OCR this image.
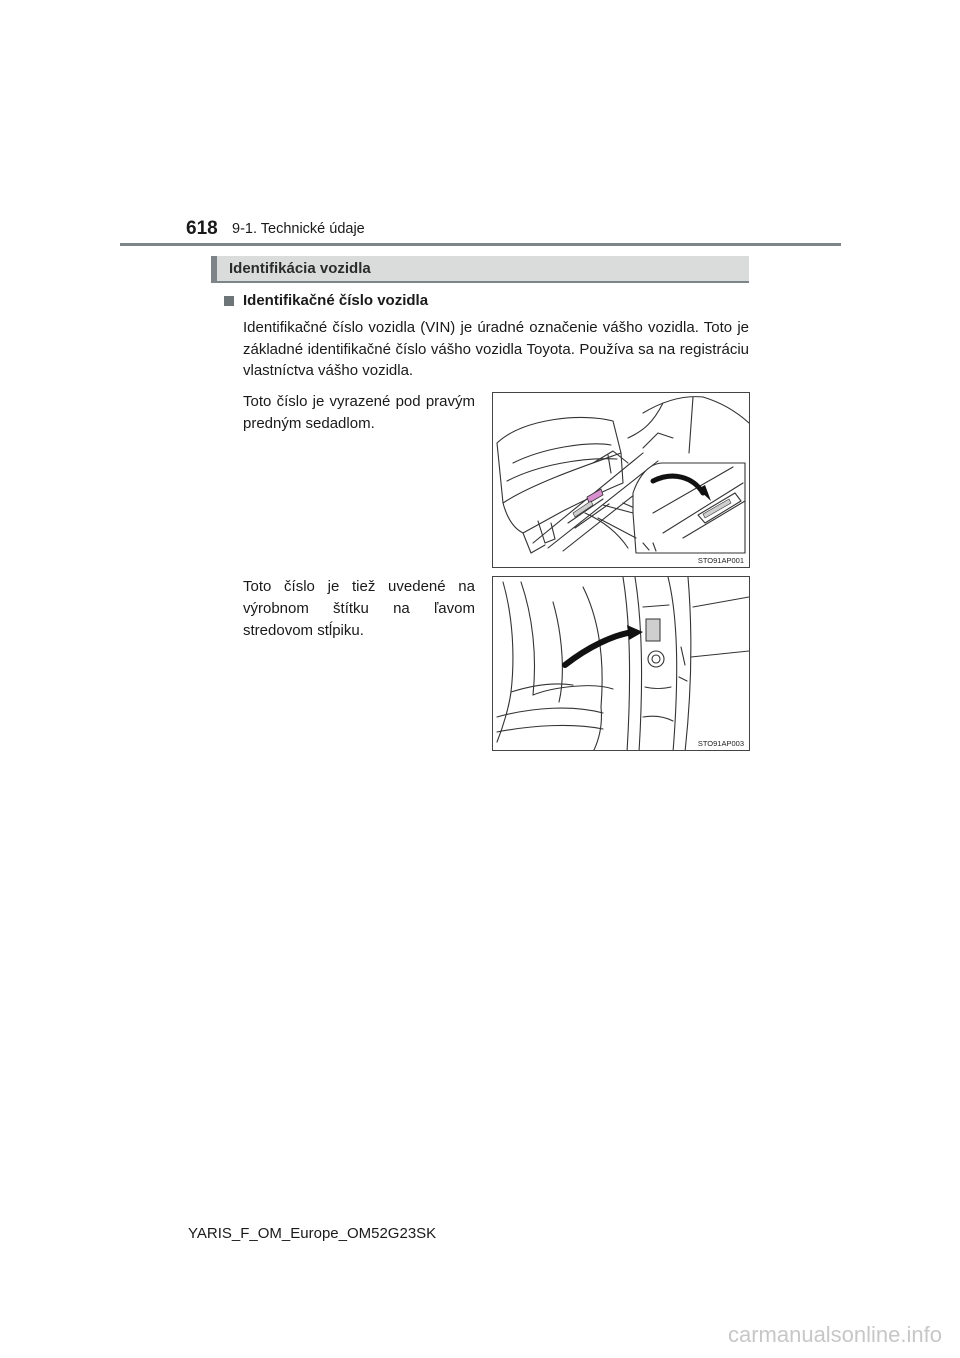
618 9-1. Technické údaje
Identifikácia vozidla
Identifikačné číslo vozidla
Identifikačné číslo vozidla (VIN) je úradné označenie vášho vozidla. Toto je základné identifikačné číslo vášho vozidla Toyota. Používa sa na registráciu vlastníctva vášho vozidla.
Toto číslo je vyrazené pod pravým predným sedadlom.
STO91AP001
Toto číslo je tiež uvedené na výrobnom štítku na ľavom stredovom stĺpiku.
STO91AP003
YARIS_F_OM_Europe_OM52G23SK
carmanualsonline.info
